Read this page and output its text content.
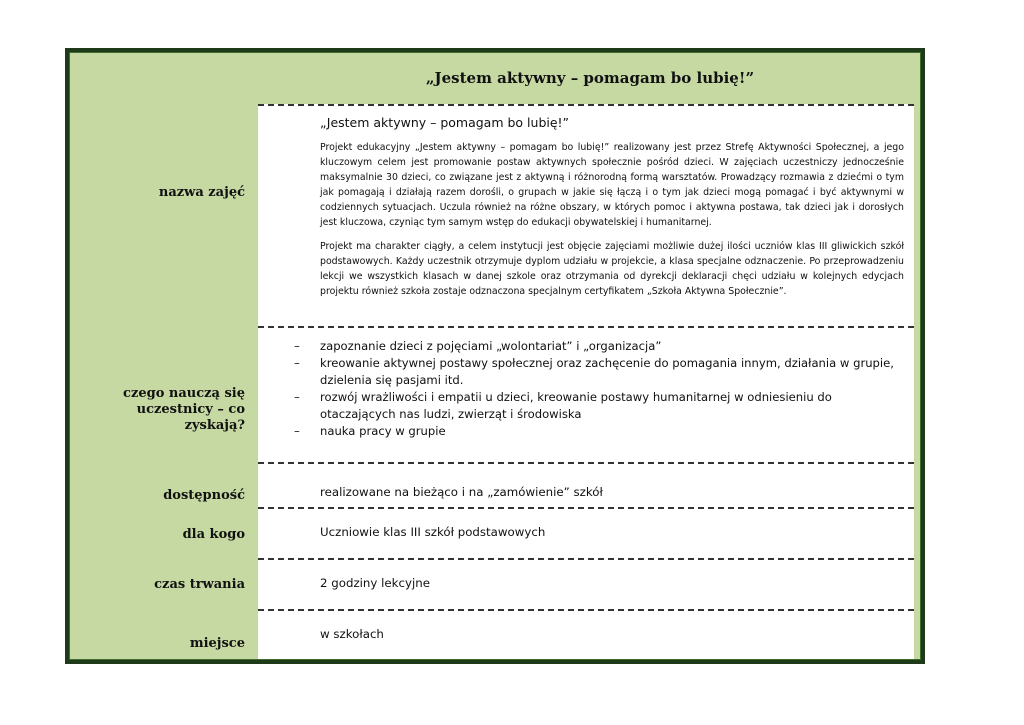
„Jestem aktywny – pomagam bo lubię!”
nazwa zajęć
czego nauczą się uczestnicy – co zyskają?
dostępność
dla kogo
czas trwania
miejsce

„Jestem aktywny – pomagam bo lubię!”

Projekt edukacyjny „Jestem aktywny – pomagam bo lubię!” realizowany jest przez Strefę Aktywności Społecznej, a jego kluczowym celem jest promowanie postaw aktywnych społecznie pośród dzieci. W zajęciach uczestniczy jednocześnie maksymalnie 30 dzieci, co związane jest z aktywną i różnorodną formą warsztatów. Prowadzący rozmawia z dziećmi o tym jak pomagają i działają razem dorośli, o grupach w jakie się łączą i o tym jak dzieci mogą pomagać i być aktywnymi w codziennych sytuacjach. Uczula również na różne obszary, w których pomoc i aktywna postawa, tak dzieci jak i dorosłych jest kluczowa, czyniąc tym samym wstęp do edukacji obywatelskiej i humanitarnej.

Projekt ma charakter ciągły, a celem instytucji jest objęcie zajęciami możliwie dużej ilości uczniów klas III gliwickich szkół podstawowych. Każdy uczestnik otrzymuje dyplom udziału w projekcie, a klasa specjalne odznaczenie. Po przeprowadzeniu lekcji we wszystkich klasach w danej szkole oraz otrzymania od dyrekcji deklaracji chęci udziału w kolejnych edycjach projektu również szkoła zostaje odznaczona specjalnym certyfikatem „Szkoła Aktywna Społecznie”.

– zapoznanie dzieci z pojęciami „wolontariat” i „organizacja”
– kreowanie aktywnej postawy społecznej oraz zachęcenie do pomagania innym, działania w grupie, dzielenia się pasjami itd.
– rozwój wrażliwości i empatii u dzieci, kreowanie postawy humanitarnej w odniesieniu do otaczających nas ludzi, zwierząt i środowiska
– nauka pracy w grupie
realizowane na bieżąco i na „zamówienie” szkół
Uczniowie klas III szkół podstawowych
2 godziny lekcyjne
w szkołach
